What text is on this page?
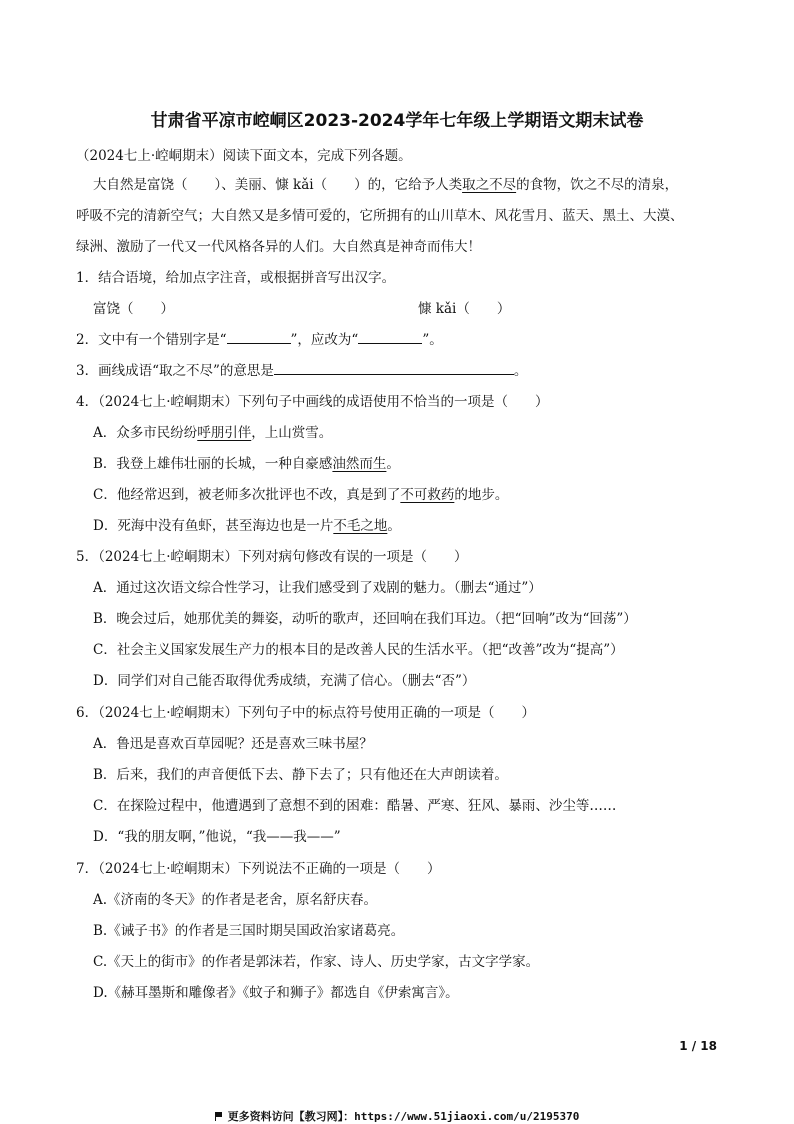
甘肃省平凉市崆峒区2023-2024学年七年级上学期语文期末试卷
（2024七上·崆峒期末）阅读下面文本，完成下列各题。
大自然是富饶（　　）、美丽、慷 kǎi（　　）的，它给予人类取之不尽的食物，饮之不尽的清泉，
呼吸不完的清新空气；大自然又是多情可爱的，它所拥有的山川草木、风花雪月、蓝天、黑土、大漠、
绿洲、激励了一代又一代风格各异的人们。大自然真是神奇而伟大！
1．结合语境，给加点字注音，或根据拼音写出汉字。
富饶（　　）	慷 kǎi（　　）
2．文中有一个错别字是“	”，应改为“	”。
3．画线成语“取之不尽”的意思是	。
4．（2024七上·崆峒期末）下列句子中画线的成语使用不恰当的一项是（　　）
A．众多市民纷纷呼朋引伴，上山赏雪。
B．我登上雄伟壮丽的长城，一种自豪感油然而生。
C．他经常迟到，被老师多次批评也不改，真是到了不可救药的地步。
D．死海中没有鱼虾，甚至海边也是一片不毛之地。
5．（2024七上·崆峒期末）下列对病句修改有误的一项是（　　）
A．通过这次语文综合性学习，让我们感受到了戏剧的魅力。（删去“通过”）
B．晚会过后，她那优美的舞姿，动听的歌声，还回响在我们耳边。（把“回响”改为“回荡”）
C．社会主义国家发展生产力的根本目的是改善人民的生活水平。（把“改善”改为“提高”）
D．同学们对自己能否取得优秀成绩，充满了信心。（删去“否”）
6．（2024七上·崆峒期末）下列句子中的标点符号使用正确的一项是（　　）
A．鲁迅是喜欢百草园呢？还是喜欢三味书屋？
B．后来，我们的声音便低下去、静下去了；只有他还在大声朗读着。
C．在探险过程中，他遭遇到了意想不到的困难：酷暑、严寒、狂风、暴雨、沙尘等……
D．“我的朋友啊，”他说，“我——我——”
7．（2024七上·崆峒期末）下列说法不正确的一项是（　　）
A.《济南的冬天》的作者是老舍，原名舒庆春。
B.《诫子书》的作者是三国时期吴国政治家诸葛亮。
C.《天上的街市》的作者是郭沫若，作家、诗人、历史学家，古文字学家。
D.《赫耳墨斯和雕像者》《蚊子和狮子》都选自《伊索寓言》。
1 / 18
更多资料访问【教习网】：https://www.51jiaoxi.com/u/2195370
